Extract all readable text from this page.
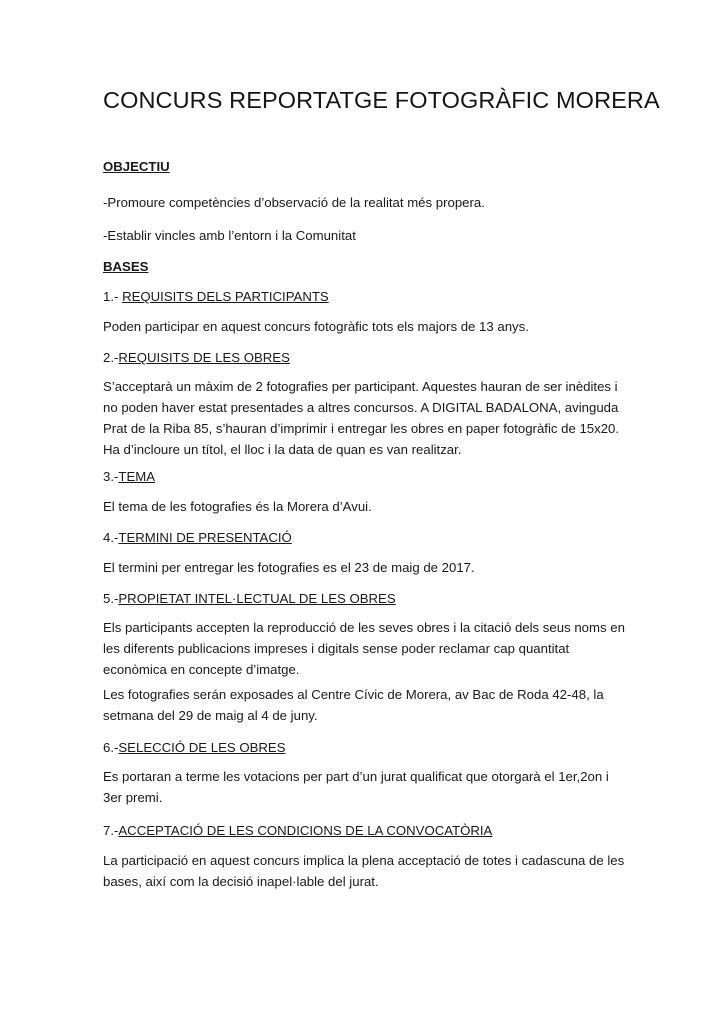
CONCURS REPORTATGE FOTOGRÀFIC MORERA

OBJECTIU

-Promoure competències d’observació de la realitat més propera.

-Establir vincles amb l’entorn i la Comunitat

BASES

1.- REQUISITS DELS PARTICIPANTS

Poden participar en aquest concurs fotogràfic tots els majors de 13 anys.

2.-REQUISITS DE LES OBRES

S’acceptarà un màxim de 2 fotografies per participant. Aquestes hauran de ser inèdites i no poden haver estat presentades a altres concursos. A DIGITAL BADALONA, avinguda Prat de la Riba 85, s’hauran d’imprimir i entregar les obres en paper fotogràfic de 15x20. Ha d’incloure un títol, el lloc i la data de quan es van realitzar.

3.-TEMA

El tema de les fotografies és la Morera d’Avui.

4.-TERMINI DE PRESENTACIÓ

El termini per entregar les fotografies es el 23 de maig de 2017.

5.-PROPIETAT INTEL·LECTUAL DE LES OBRES

Els participants accepten la reproducció de les seves obres i la citació dels seus noms en les diferents publicacions impreses i digitals sense poder reclamar cap quantitat econòmica en concepte d’imatge.

Les fotografies serán exposades al Centre Cívic de Morera, av Bac de Roda 42-48, la setmana del 29 de maig al 4 de juny.

6.-SELECCIÓ DE LES OBRES

Es portaran a terme les votacions per part d’un jurat qualificat que otorgarà el 1er,2on i 3er premi.

7.-ACCEPTACIÓ DE LES CONDICIONS DE LA CONVOCATÒRIA

La participació en aquest concurs implica la plena acceptació de totes i cadascuna de les bases, així com la decisió inapel·lable del jurat.
